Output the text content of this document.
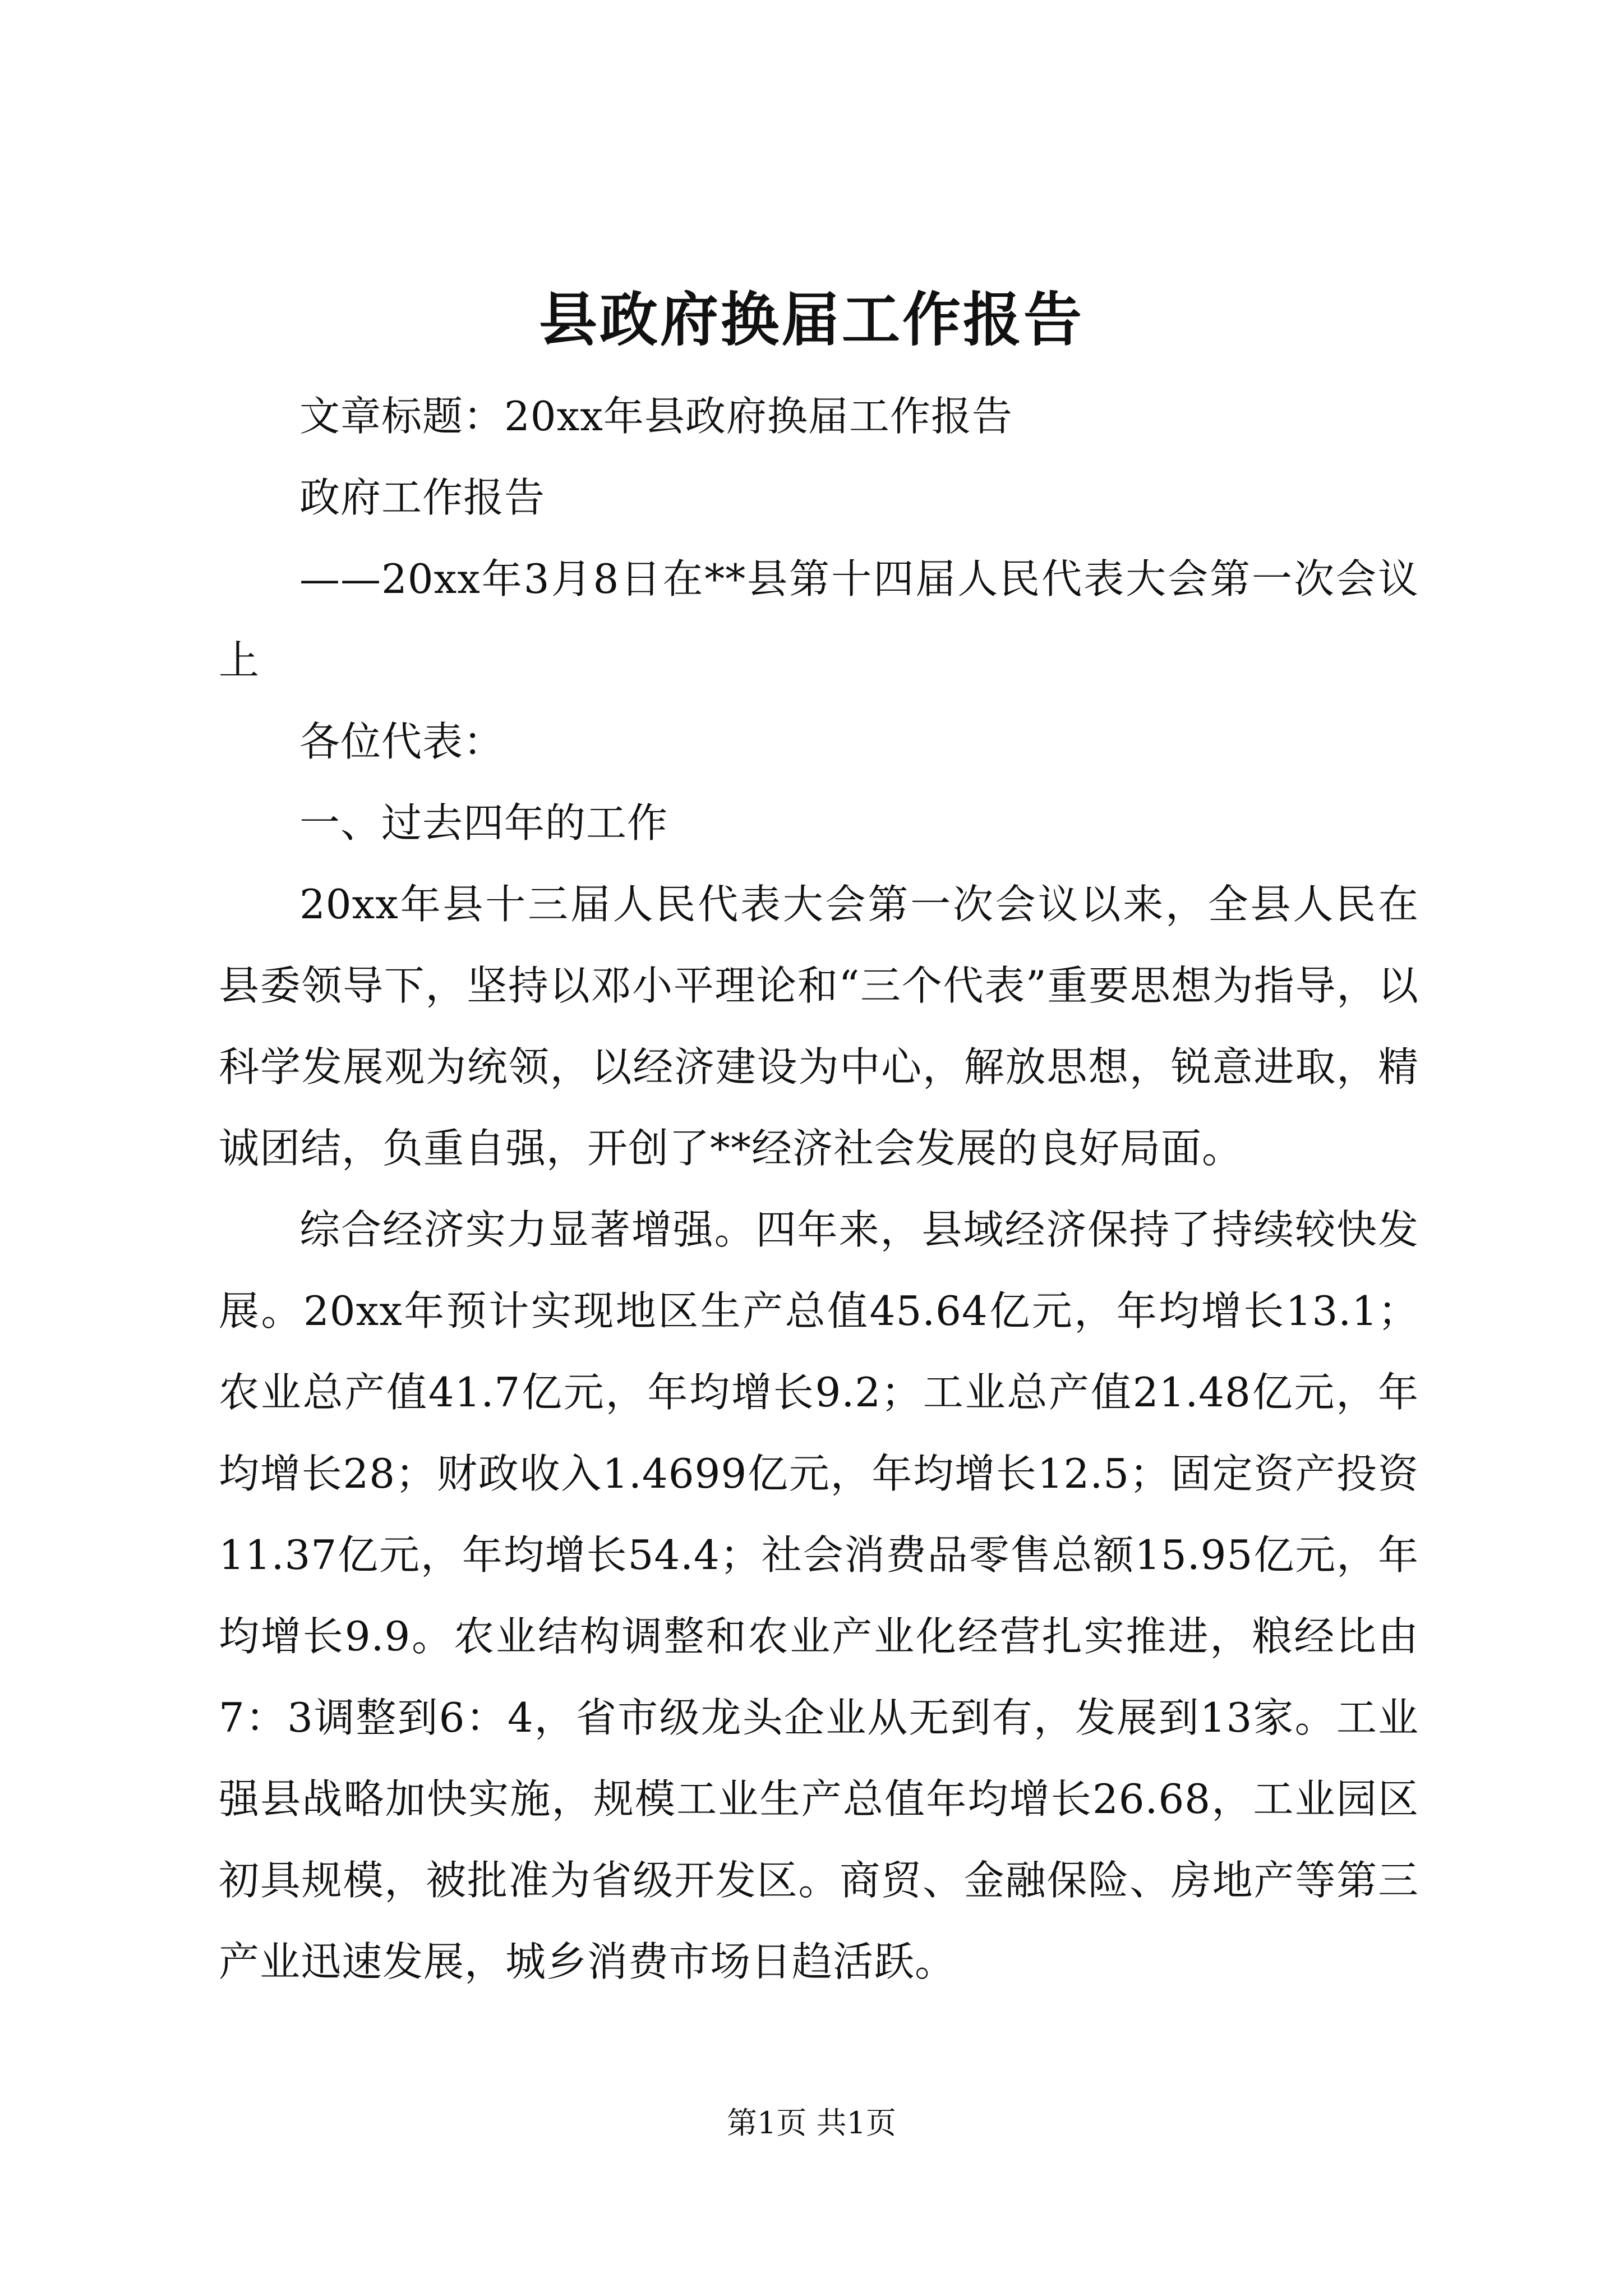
县政府换届工作报告

文章标题：20xx年县政府换届工作报告

政府工作报告

——20xx年3月8日在**县第十四届人民代表大会第一次会议上

各位代表：

一、过去四年的工作

20xx年县十三届人民代表大会第一次会议以来，全县人民在县委领导下，坚持以邓小平理论和“三个代表”重要思想为指导，以科学发展观为统领，以经济建设为中心，解放思想，锐意进取，精诚团结，负重自强，开创了**经济社会发展的良好局面。

综合经济实力显著增强。四年来，县域经济保持了持续较快发展。20xx年预计实现地区生产总值45.64亿元，年均增长13.1；农业总产值41.7亿元，年均增长9.2；工业总产值21.48亿元，年均增长28；财政收入1.4699亿元，年均增长12.5；固定资产投资11.37亿元，年均增长54.4；社会消费品零售总额15.95亿元，年均增长9.9。农业结构调整和农业产业化经营扎实推进，粮经比由7：3调整到6：4，省市级龙头企业从无到有，发展到13家。工业强县战略加快实施，规模工业生产总值年均增长26.68，工业园区初具规模，被批准为省级开发区。商贸、金融保险、房地产等第三产业迅速发展，城乡消费市场日趋活跃。

第1页 共1页
